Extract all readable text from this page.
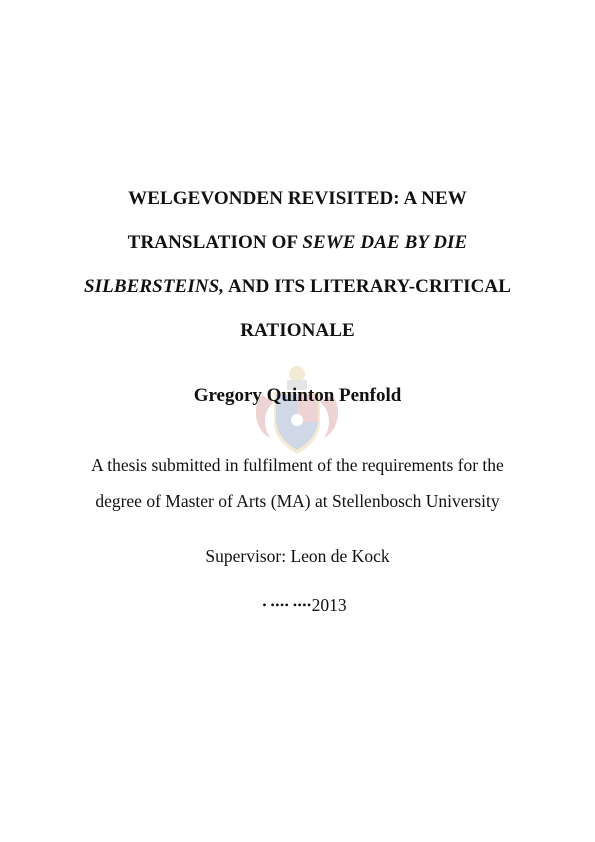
WELGEVONDEN REVISITED: A NEW
TRANSLATION OF SEWE DAE BY DIE
SILBERSTEINS, AND ITS LITERARY-CRITICAL
RATIONALE
Gregory Quinton Penfold
A thesis submitted in fulfilment of the requirements for the
degree of Master of Arts (MA) at Stellenbosch University
Supervisor: Leon de Kock
• •••• ••••2013
